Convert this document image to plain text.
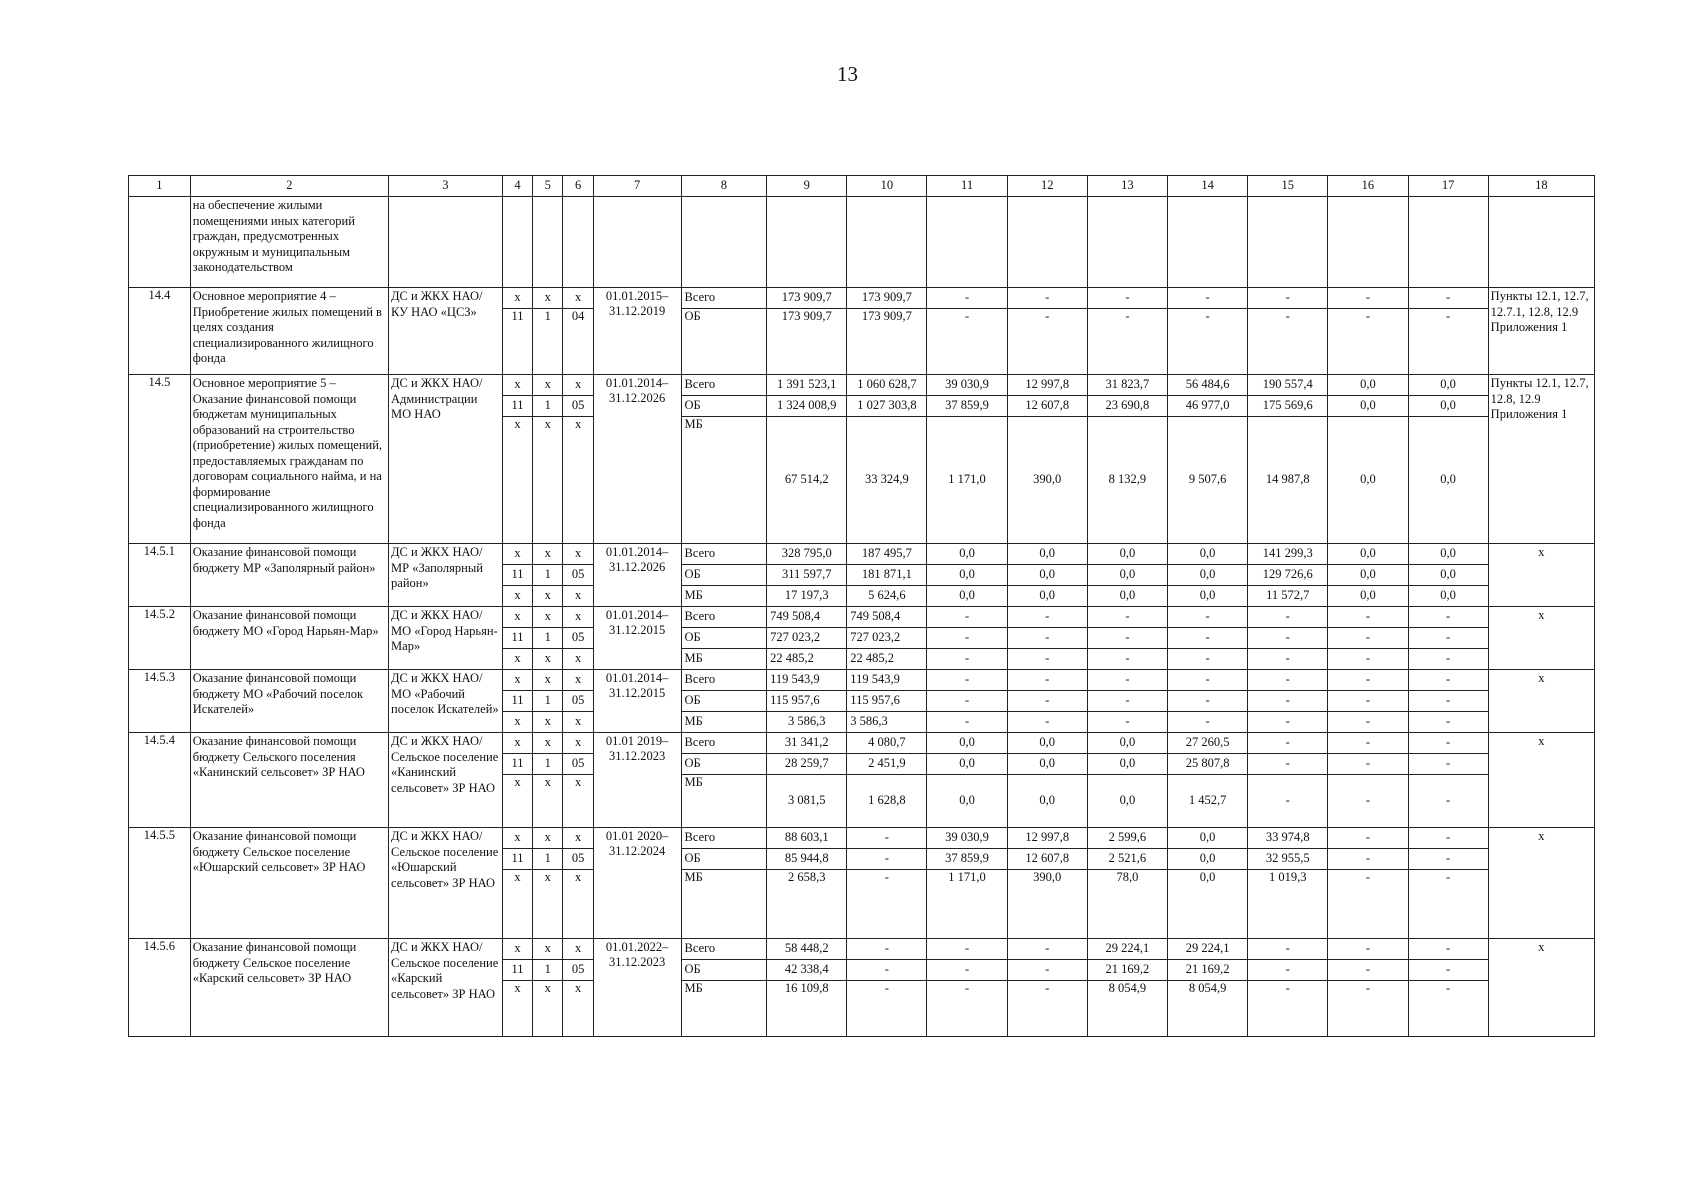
13
1	2	3	4	5	6	7	8	9	10	11	12	13	14	15	16	17	18
	на обеспечение жилыми помещениями иных категорий граждан, предусмотренных окружным и муниципальным законодательством																
14.4	Основное мероприятие 4 – Приобретение жилых помещений в целях создания специализированного жилищного фонда	ДС и ЖКХ НАО/ КУ НАО «ЦСЗ»	х	х	х	01.01.2015– 31.12.2019	Всего	173 909,7	173 909,7	-	-	-	-	-	-	-	Пункты 12.1, 12.7, 12.7.1, 12.8, 12.9 Приложения 1
			11	1	04		ОБ	173 909,7	173 909,7	-	-	-	-	-	-	-	
14.5	Основное мероприятие 5 – Оказание финансовой помощи бюджетам муниципальных образований на строительство (приобретение) жилых помещений, предоставляемых гражданам по договорам социального найма, и на формирование специализированного жилищного фонда	ДС и ЖКХ НАО/ Администрации МО НАО	х	х	х	01.01.2014– 31.12.2026	Всего	1 391 523,1	1 060 628,7	39 030,9	12 997,8	31 823,7	56 484,6	190 557,4	0,0	0,0	Пункты 12.1, 12.7, 12.8, 12.9 Приложения 1
			11	1	05		ОБ	1 324 008,9	1 027 303,8	37 859,9	12 607,8	23 690,8	46 977,0	175 569,6	0,0	0,0	
			х	х	х		МБ	67 514,2	33 324,9	1 171,0	390,0	8 132,9	9 507,6	14 987,8	0,0	0,0	
14.5.1	Оказание финансовой помощи бюджету МР «Заполярный район»	ДС и ЖКХ НАО/ МР «Заполярный район»	х	х	х	01.01.2014– 31.12.2026	Всего	328 795,0	187 495,7	0,0	0,0	0,0	0,0	141 299,3	0,0	0,0	х
			11	1	05		ОБ	311 597,7	181 871,1	0,0	0,0	0,0	0,0	129 726,6	0,0	0,0	
			х	х	х		МБ	17 197,3	5 624,6	0,0	0,0	0,0	0,0	11 572,7	0,0	0,0	
14.5.2	Оказание финансовой помощи бюджету МО «Город Нарьян-Мар»	ДС и ЖКХ НАО/ МО «Город Нарьян-Мар»	х	х	х	01.01.2014– 31.12.2015	Всего	749 508,4	749 508,4	-	-	-	-	-	-	-	х
			11	1	05		ОБ	727 023,2	727 023,2	-	-	-	-	-	-	-	
			х	х	х		МБ	22 485,2	22 485,2	-	-	-	-	-	-	-	
14.5.3	Оказание финансовой помощи бюджету МО «Рабочий поселок Искателей»	ДС и ЖКХ НАО/ МО «Рабочий поселок Искателей»	х	х	х	01.01.2014– 31.12.2015	Всего	119 543,9	119 543,9	-	-	-	-	-	-	-	х
			11	1	05		ОБ	115 957,6	115 957,6	-	-	-	-	-	-	-	
			х	х	х		МБ	3 586,3	3 586,3	-	-	-	-	-	-	-	
14.5.4	Оказание финансовой помощи бюджету Сельского поселения «Канинский сельсовет» ЗР НАО	ДС и ЖКХ НАО/ Сельское поселение «Канинский сельсовет» ЗР НАО	х	х	х	01.01 2019– 31.12.2023	Всего	31 341,2	4 080,7	0,0	0,0	0,0	27 260,5	-	-	-	х
			11	1	05		ОБ	28 259,7	2 451,9	0,0	0,0	0,0	25 807,8	-	-	-	
			х	х	х		МБ	3 081,5	1 628,8	0,0	0,0	0,0	1 452,7	-	-	-	
14.5.5	Оказание финансовой помощи бюджету Сельское поселение «Юшарский сельсовет» ЗР НАО	ДС и ЖКХ НАО/ Сельское поселение «Юшарский сельсовет» ЗР НАО	х	х	х	01.01 2020– 31.12.2024	Всего	88 603,1	-	39 030,9	12 997,8	2 599,6	0,0	33 974,8	-	-	х
			11	1	05		ОБ	85 944,8	-	37 859,9	12 607,8	2 521,6	0,0	32 955,5	-	-	
			х	х	х		МБ	2 658,3	-	1 171,0	390,0	78,0	0,0	1 019,3	-	-	
14.5.6	Оказание финансовой помощи бюджету Сельское поселение «Карский сельсовет» ЗР НАО	ДС и ЖКХ НАО/ Сельское поселение «Карский сельсовет» ЗР НАО	х	х	х	01.01.2022– 31.12.2023	Всего	58 448,2	-	-	-	29 224,1	29 224,1	-	-	-	х
			11	1	05		ОБ	42 338,4	-	-	-	21 169,2	21 169,2	-	-	-	
			х	х	х		МБ	16 109,8	-	-	-	8 054,9	8 054,9	-	-	-	
